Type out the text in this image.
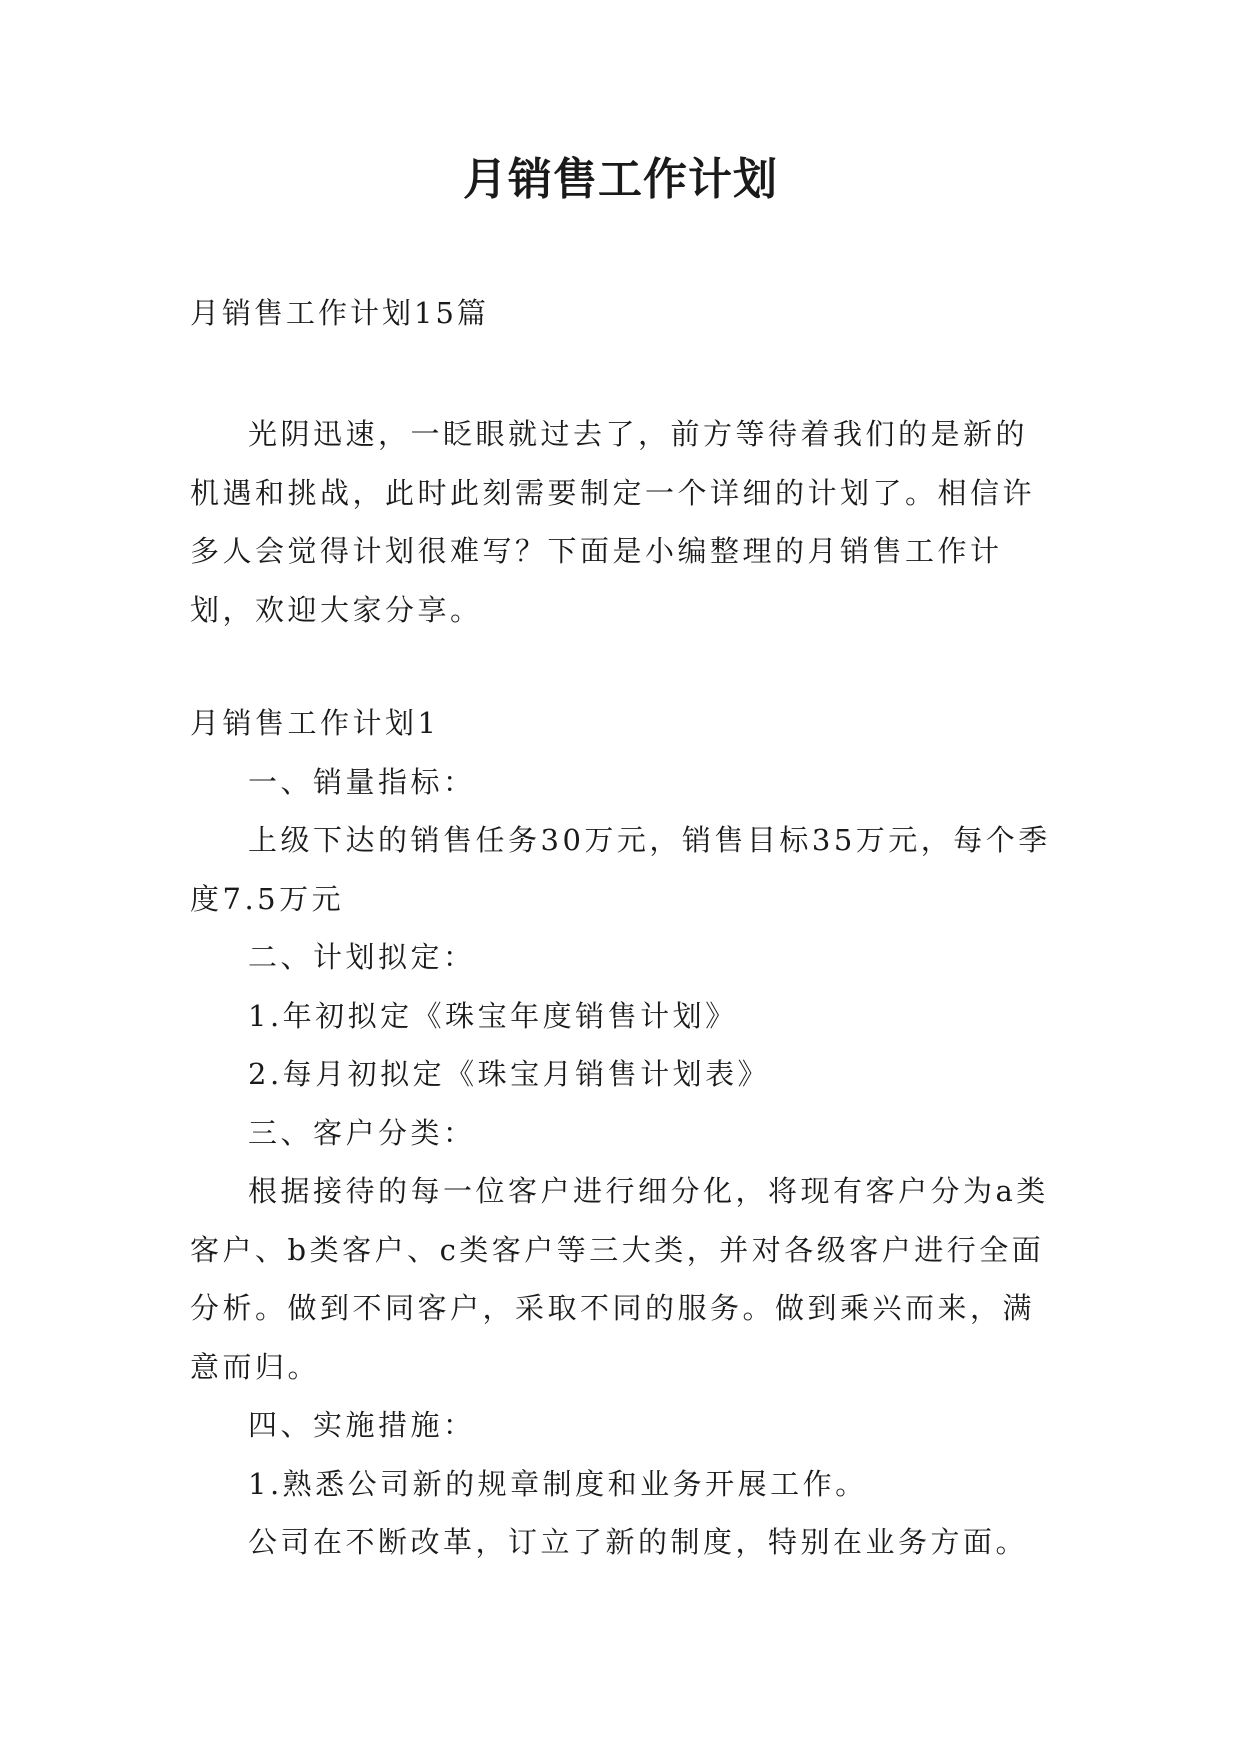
月销售工作计划
月销售工作计划15篇

光阴迅速，一眨眼就过去了，前方等待着我们的是新的机遇和挑战，此时此刻需要制定一个详细的计划了。相信许多人会觉得计划很难写？下面是小编整理的月销售工作计划，欢迎大家分享。

月销售工作计划1

一、销量指标：

上级下达的销售任务30万元，销售目标35万元，每个季度7.5万元

二、计划拟定：

1.年初拟定《珠宝年度销售计划》

2.每月初拟定《珠宝月销售计划表》

三、客户分类：

根据接待的每一位客户进行细分化，将现有客户分为a类客户、b类客户、c类客户等三大类，并对各级客户进行全面分析。做到不同客户，采取不同的服务。做到乘兴而来，满意而归。

四、实施措施：

1.熟悉公司新的规章制度和业务开展工作。

公司在不断改革，订立了新的制度，特别在业务方面。
